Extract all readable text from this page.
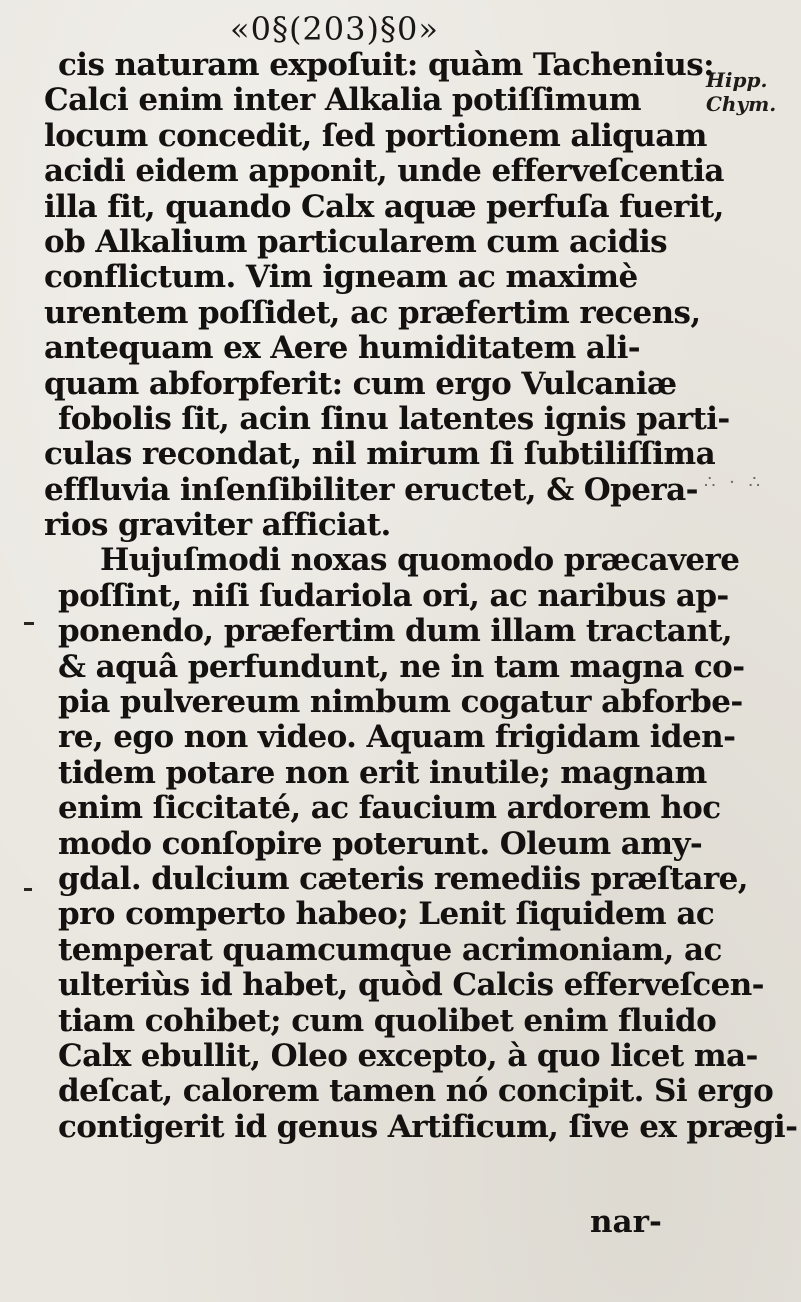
«0§(203)§0»
Hipp.
Chym.
∴ · ∴
cis naturam expoſuit: quàm Tachenius:
Calci enim inter Alkalia potiſſimum
locum concedit, ſed portionem aliquam
acidi eidem apponit, unde efferveſcentia
illa fit, quando Calx aquæ perfuſa fuerit,
ob Alkalium particularem cum acidis
conflictum. Vim igneam ac maximè
urentem poſſidet, ac præfertim recens,
antequam ex Aere humiditatem ali-
quam abforpferit: cum ergo Vulcaniæ
fobolis ſit, acin ſinu latentes ignis parti-
culas recondat, nil mirum ſi ſubtiliſſima
effluvia inſenſibiliter eructet, & Opera-
rios graviter afficiat.
Hujuſmodi noxas quomodo præcavere
poſſint, niſi ſudariola ori, ac naribus ap-
ponendo, præfertim dum illam tractant,
& aquâ perfundunt, ne in tam magna co-
pia pulvereum nimbum cogatur abforbe-
re, ego non video. Aquam frigidam iden-
tidem potare non erit inutile; magnam
enim ſiccitaté, ac faucium ardorem hoc
modo conſopire poterunt. Oleum amy-
gdal. dulcium cæteris remediis præſtare,
pro comperto habeo; Lenit ſiquidem ac
temperat quamcumque acrimoniam, ac
ulteriùs id habet, quòd Calcis efferveſcen-
tiam cohibet; cum quolibet enim fluido
Calx ebullit, Oleo excepto, à quo licet ma-
deſcat, calorem tamen nó concipit. Si ergo
contigerit id genus Artificum, ſive ex prægi-
nar-
